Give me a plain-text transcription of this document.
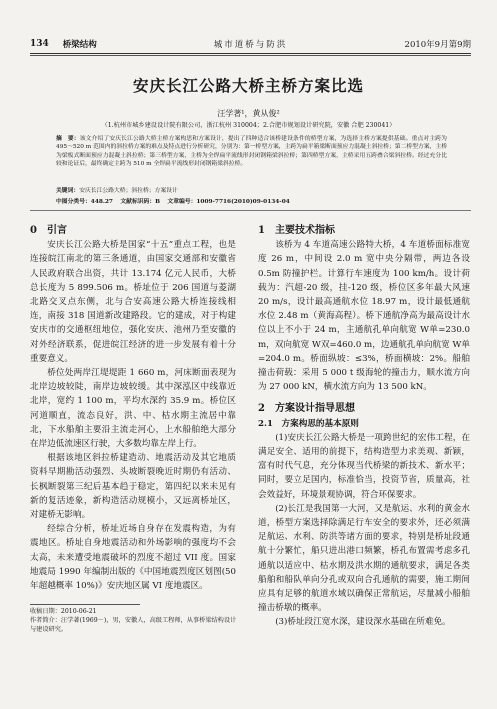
134 桥梁结构	城市道桥与防洪	2010年9月第9期
安庆长江公路大桥主桥方案比选
汪学著¹，黄从俊²
（1.杭州市城乡建设设计院有限公司，浙江杭州 310004；2.合肥市规划设计研究院，安徽 合肥 230041）
摘　要：该文介绍了安庆长江公路大桥主桥方案构思和方案设计，提出了四种适合该桥建设条件的桥型方案，为选择主桥方案提供基础。重点对主跨为 495～520 m 范围内的斜拉桥方案的难点及特点进行分析研究，分别为：第一桥型方案，主跨为扁平箱梁断面预应力混凝土斜拉桥；第二桥型方案，主桥为梁板式断面预应力混凝土斜拉桥；第三桥型方案，主桥为全焊扁平流线形封闭钢箱梁斜拉桥；第四桥型方案，主桥采用五跨叠合梁斜拉桥。经过充分比较和论证后，最终确定主跨为 510 m 全焊扁平流线形封闭钢箱梁斜拉桥。
关键词：安庆长江公路大桥；斜拉桥；方案设计
中图分类号：448.27 文献标识码：B 文章编号：1009-7716(2010)09-0134-04

0　引言

安庆长江公路大桥是国家“十五”重点工程，也是连接皖江南北的第三条通道，由国家交通部和安徽省人民政府联合出资，共计 13.174 亿元人民币，大桥总长度为 5 899.506 m。桥址位于 206 国道与菱湖北路交叉点东侧，北与合安高速公路大桥连接线相连，南接 318 国道新改建路段。它的建成，对于构建安庆市的交通枢纽地位，强化安庆、池州乃至安徽的对外经济联系，促进皖江经济的进一步发展有着十分重要意义。

桥位处两岸江堤堤距 1 660 m，河床断面表现为北岸边坡较陡，南岸边坡较缓。其中深泓区中线靠近北岸，宽约 1 100 m，平均水深约 35.9 m。桥位区河道顺直，流态良好，洪、中、枯水期主流居中靠北，下水船舶主要沿主流走河心，上水船舶绝大部分在岸边低流速区行驶，大多数均靠左岸上行。

根据该地区斜拉桥建造动、地震活动及其它地质资料早期勘活动强烈、头坡断裂晚近时期仍有活动、长枫断裂第三纪后基本趋于稳定，第四纪以来未见有新的复活迹象，新构造活动规模小，又远离桥址区，对建桥无影响。

经综合分析，桥址近场自身存在发震构造，为有震地区。桥址自身地震活动和外场影响的强度均不会太高，未来遭受地震破坏的烈度不超过 VII 度。国家地震局 1990 年编制出版的《中国地震烈度区划图(50 年超越概率 10%)》安庆地区属 VI 度地震区。

收稿日期：2010-06-21
作者简介：汪学著(1969－)，男，安徽人，高级工程师，从事桥梁结构设计与建设研究。

1　主要技术指标

该桥为 4 车道高速公路特大桥，4 车道桥面标准宽度 26 m，中间设 2.0 m 宽中央分隔带，两边各设 0.5m 防撞护栏。计算行车速度为 100 km/h。设计荷载为：汽超-20 级，挂-120 级，桥位区多年最大风速 20 m/s，设计最高通航水位 18.97 m，设计最低通航水位 2.48 m（黄海高程）。桥下通航净高为最高设计水位以上不小于 24 m，主通航孔单向航宽 W单=230.0 m，双向航宽 W双=460.0 m，边通航孔单向航宽 W单=204.0 m。桥面纵坡：≤3%，桥面横坡：2%。船舶撞击荷载：采用 5 000 t 级海轮的撞击力，顺水流方向为 27 000 kN，横水流方向为 13 500 kN。

2　方案设计指导思想

2.1　方案构思的基本原则

(1)安庆长江公路大桥是一项跨世纪的宏伟工程，在满足安全、适用的前提下，结构造型力求美观、新颖，富有时代气息，充分体现当代桥梁的新技术、新水平；同时，要立足国内，标准恰当，投资节省，质量高，社会效益好，环境景观协调，符合环保要求。

(2)长江是我国第一大河，又是航运、水利的黄金水道，桥型方案选择除满足行车安全的要求外，还必须满足航运、水利、防洪等诸方面的要求，特别是桥址段通航十分繁忙，船只进出港口频繁，桥孔布置需考虑多孔通航以适应中、枯水期及洪水期的通航要求，满足各类船舶和船队单向分孔或双向合孔通航的需要，施工期间应具有足够的航道水域以确保正常航运，尽量减小船舶撞击桥墩的概率。

(3)桥址段江宽水深，建设深水基础在所难免。
